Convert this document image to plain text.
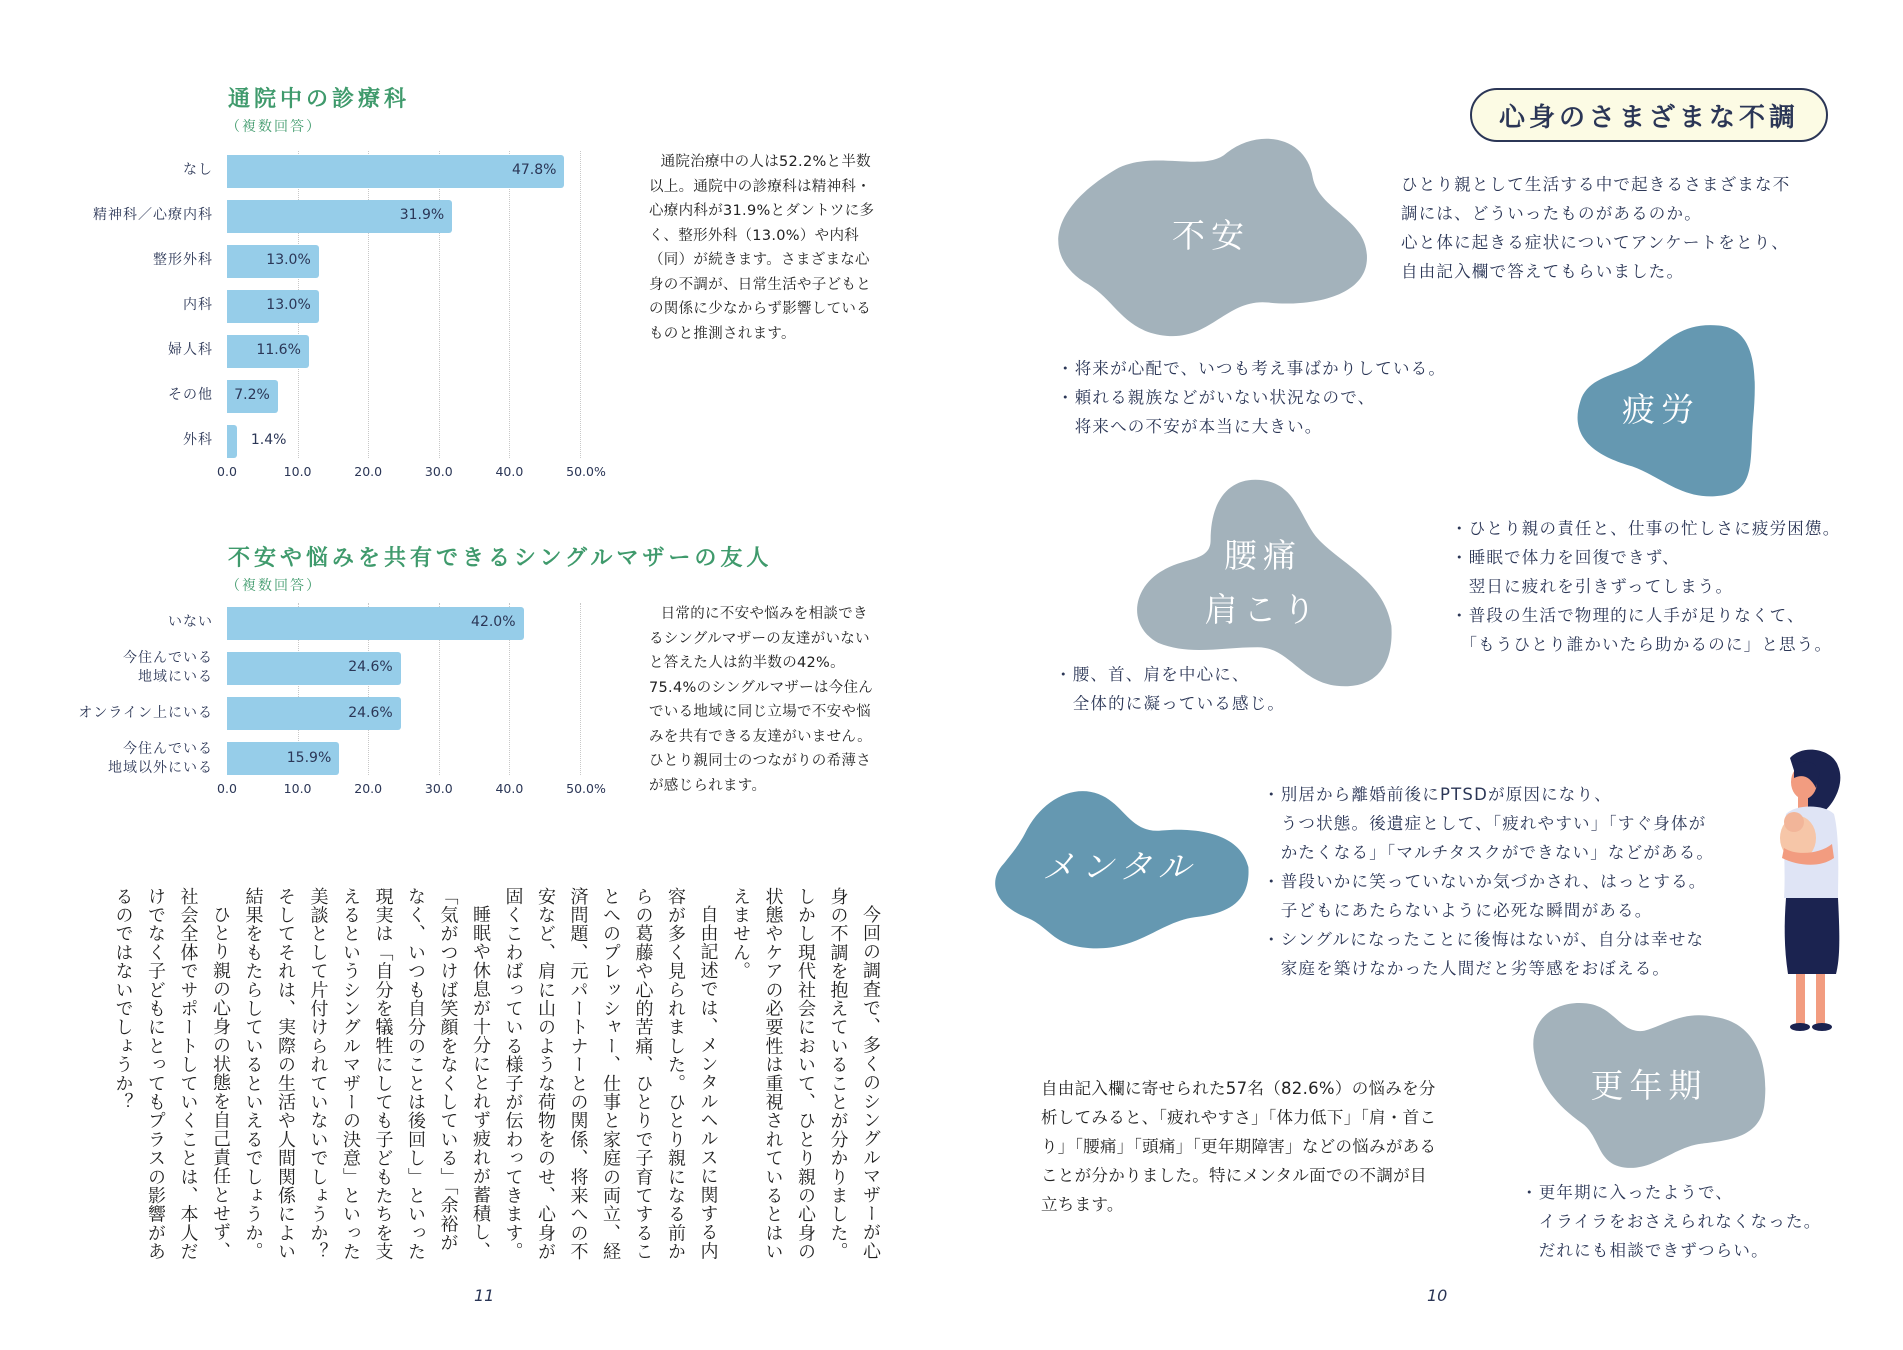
通院中の診療科
（複数回答）
0.0	10.0	20.0	30.0	40.0	50.0%
なし	47.8%
精神科／心療内科	31.9%
整形外科	13.0%
内科	13.0%
婦人科	11.6%
その他 7.2%
外科	1.4%
通院治療中の人は52.2%と半数以上。通院中の診療科は精神科・心療内科が31.9%とダントツに多く、整形外科（13.0%）や内科（同）が続きます。さまざまな心身の不調が、日常生活や子どもとの関係に少なからず影響しているものと推測されます。
不安や悩みを共有できるシングルマザーの友人
（複数回答）
0.0	10.0	20.0	30.0	40.0	50.0%
いない	42.0%
今住んでいる
地域にいる
24.6%
オンライン上にいる	24.6%
今住んでいる
地域以外にいる
15.9%
日常的に不安や悩みを相談できるシングルマザーの友達がいないと答えた人は約半数の42%。75.4%のシングルマザーは今住んでいる地域に同じ立場で不安や悩みを共有できる友達がいません。ひとり親同士のつながりの希薄さが感じられます。

今回の調査で、多くのシングルマザーが心身の不調を抱えていることが分かりました。しかし現代社会において、ひとり親の心身の状態やケアの必要性は重視されているとはいえません。

自由記述では、メンタルヘルスに関する内容が多く見られました。ひとり親になる前からの葛藤や心的苦痛、ひとりで子育てすることへのプレッシャー、仕事と家庭の両立、経済問題、元パートナーとの関係、将来への不安など、肩に山のような荷物をのせ、心身が固くこわばっている様子が伝わってきます。

睡眠や休息が十分にとれず疲れが蓄積し、「気がつけば笑顔をなくしている」「余裕がなく、いつも自分のことは後回し」といった現実は「自分を犠牲にしても子どもたちを支えるというシングルマザーの決意」といった美談として片付けられていないでしょうか？そしてそれは、実際の生活や人間関係によい結果をもたらしているといえるでしょうか。

ひとり親の心身の状態を自己責任とせず、社会全体でサポートしていくことは、本人だけでなく子どもにとってもプラスの影響があるのではないでしょうか？

11
心身のさまざまな不調
ひとり親として生活する中で起きるさまざまな不
調には、どういったものがあるのか。
心と体に起きる症状についてアンケートをとり、
自由記入欄で答えてもらいました。
不安
疲労
腰痛
肩こり
メンタル
更年期
・将来が心配で、いつも考え事ばかりしている。
・頼れる親族などがいない状況なので、
　将来への不安が本当に大きい。
・ひとり親の責任と、仕事の忙しさに疲労困憊。
・睡眠で体力を回復できず、
　翌日に疲れを引きずってしまう。
・普段の生活で物理的に人手が足りなくて、
　「もうひとり誰かいたら助かるのに」と思う。
・腰、首、肩を中心に、
　全体的に凝っている感じ。
・別居から離婚前後にPTSDが原因になり、
　うつ状態。後遺症として、「疲れやすい」「すぐ身体が
　かたくなる」「マルチタスクができない」などがある。
・普段いかに笑っていないか気づかされ、はっとする。
　子どもにあたらないように必死な瞬間がある。
・シングルになったことに後悔はないが、自分は幸せな
　家庭を築けなかった人間だと劣等感をおぼえる。
・更年期に入ったようで、
　イライラをおさえられなくなった。
　だれにも相談できずつらい。
自由記入欄に寄せられた57名（82.6%）の悩みを分析してみると、「疲れやすさ」「体力低下」「肩・首こり」「腰痛」「頭痛」「更年期障害」などの悩みがあることが分かりました。特にメンタル面での不調が目立ちます。
10
